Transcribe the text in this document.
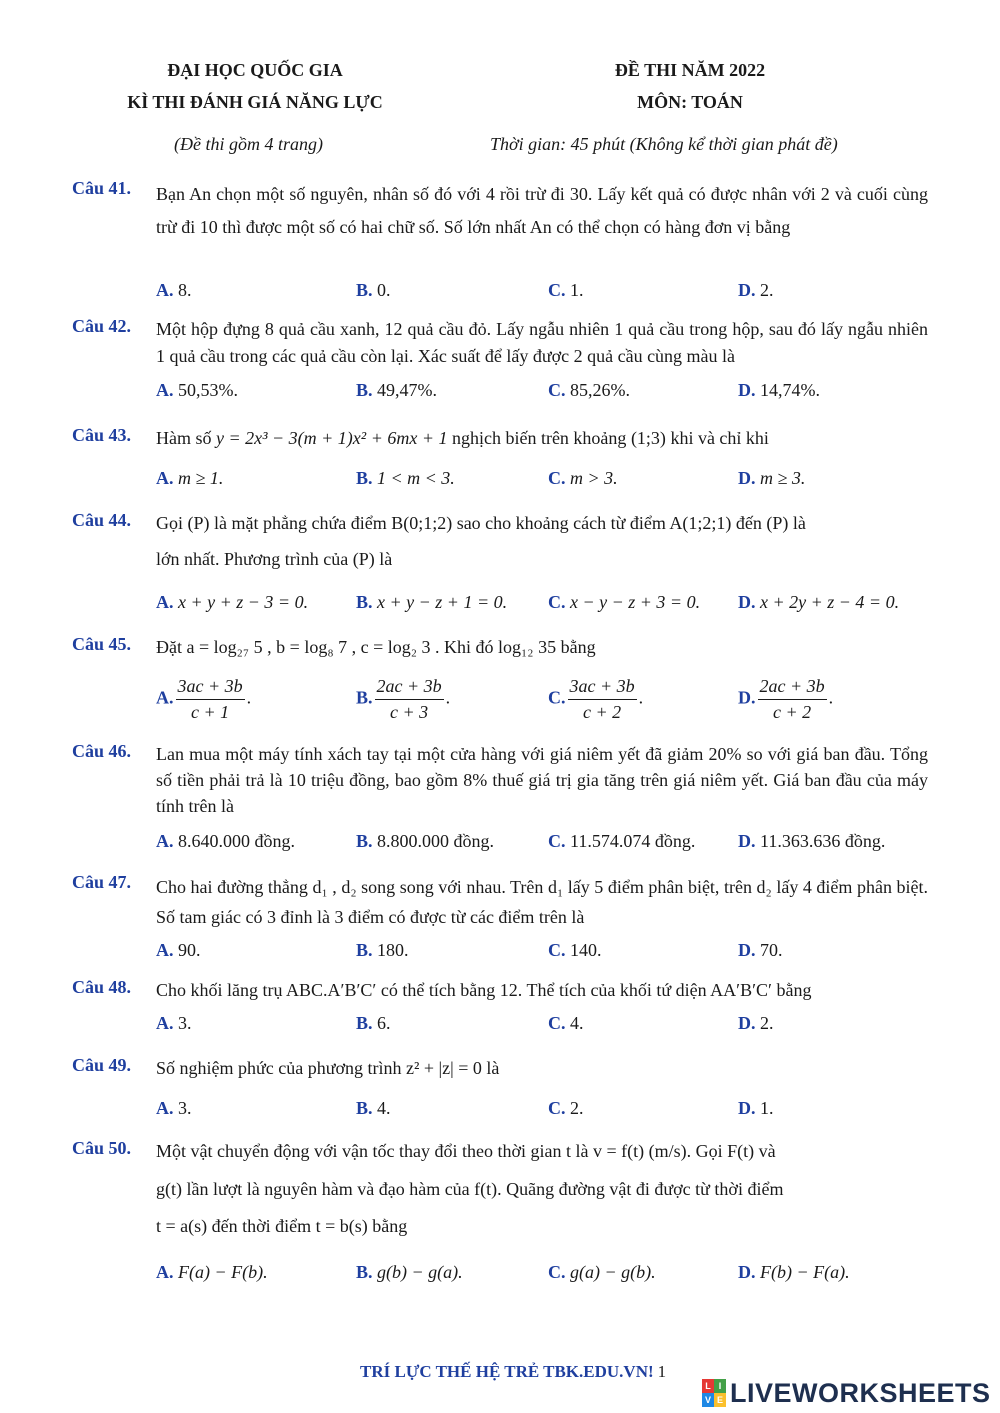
ĐẠI HỌC QUỐC GIA
KÌ THI ĐÁNH GIÁ NĂNG LỰC
(Đề thi gồm 4 trang)
ĐỀ THI NĂM 2022
MÔN: TOÁN
Thời gian: 45 phút (Không kể thời gian phát đề)
Câu 41. Bạn An chọn một số nguyên, nhân số đó với 4 rồi trừ đi 30. Lấy kết quả có được nhân với 2 và cuối cùng trừ đi 10 thì được một số có hai chữ số. Số lớn nhất An có thể chọn có hàng đơn vị bằng
A. 8.	B. 0.	C. 1.	D. 2.
Câu 42. Một hộp đựng 8 quả cầu xanh, 12 quả cầu đỏ. Lấy ngẫu nhiên 1 quả cầu trong hộp, sau đó lấy ngẫu nhiên 1 quả cầu trong các quả cầu còn lại. Xác suất để lấy được 2 quả cầu cùng màu là
A. 50,53%.	B. 49,47%.	C. 85,26%.	D. 14,74%.
Câu 43. Hàm số y = 2x³ − 3(m + 1)x² + 6mx + 1 nghịch biến trên khoảng (1;3) khi và chỉ khi
A. m ≥ 1.	B. 1 < m < 3.	C. m > 3.	D. m ≥ 3.
Câu 44. Gọi (P) là mặt phẳng chứa điểm B(0;1;2) sao cho khoảng cách từ điểm A(1;2;1) đến (P) là
lớn nhất. Phương trình của (P) là
A. x + y + z − 3 = 0.	B. x + y − z + 1 = 0. C. x − y − z + 3 = 0. D. x + 2y + z − 4 = 0.
Câu 45. Đặt a = log₂₇ 5 , b = log₈ 7 , c = log₂ 3 . Khi đó log₁₂ 35 bằng
A. $\frac{3ac + 3b}{c + 1}$ .	B. $\frac{2ac + 3b}{c + 3}$ .	C. $\frac{3ac + 3b}{c + 2}$ .	D. $\frac{2ac + 3b}{c + 2}$ .
Câu 46. Lan mua một máy tính xách tay tại một cửa hàng với giá niêm yết đã giảm 20% so với giá ban đầu. Tổng số tiền phải trả là 10 triệu đồng, bao gồm 8% thuế giá trị gia tăng trên giá niêm yết. Giá ban đầu của máy tính trên là
A. 8.640.000 đồng.	B. 8.800.000 đồng.	C. 11.574.074 đồng. D. 11.363.636 đồng.
Câu 47. Cho hai đường thẳng d₁ , d₂ song song với nhau. Trên d₁ lấy 5 điểm phân biệt, trên d₂ lấy 4 điểm phân biệt. Số tam giác có 3 đỉnh là 3 điểm có được từ các điểm trên là
A. 90.	B. 180.	C. 140.	D. 70.
Câu 48. Cho khối lăng trụ ABC.A′B′C′ có thể tích bằng 12. Thể tích của khối tứ diện AA′B′C′ bằng
A. 3.	B. 6.	C. 4.	D. 2.
Câu 49. Số nghiệm phức của phương trình z² + |z| = 0 là
A. 3.	B. 4.	C. 2.	D. 1.
Câu 50. Một vật chuyển động với vận tốc thay đổi theo thời gian t là v = f(t) (m/s). Gọi F(t) và
g(t) lần lượt là nguyên hàm và đạo hàm của f(t). Quãng đường vật đi được từ thời điểm
t = a(s) đến thời điểm t = b(s) bằng
A. F(a) − F(b).	B. g(b) − g(a).	C. g(a) − g(b).	D. F(b) − F(a).
TRÍ LỰC THẾ HỆ TRẺ TBK.EDU.VN! 1
L I
V E LIVEWORKSHEETS
